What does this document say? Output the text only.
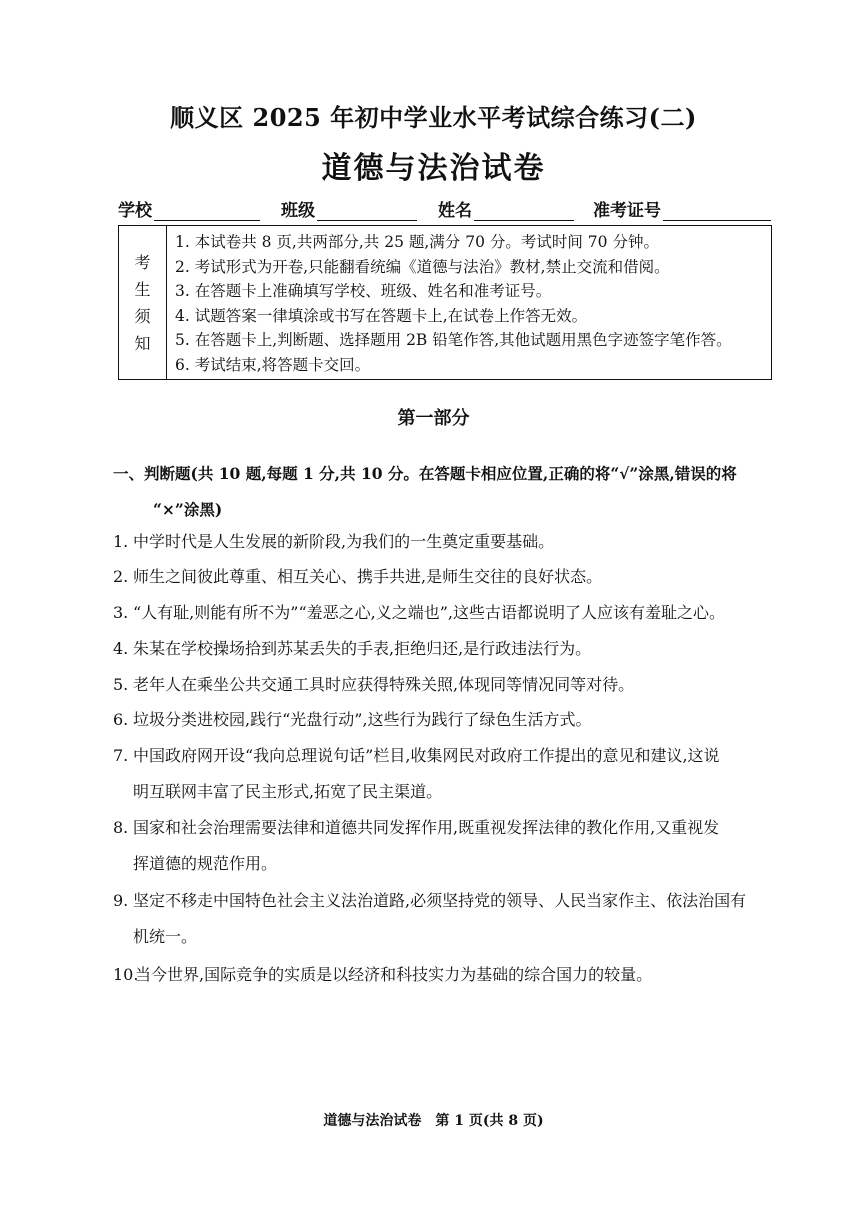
顺义区 2025 年初中学业水平考试综合练习(二)
道德与法治试卷
学校	班级	姓名	准考证号
考
生
须
知
1. 本试卷共 8 页,共两部分,共 25 题,满分 70 分。考试时间 70 分钟。
2. 考试形式为开卷,只能翻看统编《道德与法治》教材,禁止交流和借阅。
3. 在答题卡上准确填写学校、班级、姓名和准考证号。
4. 试题答案一律填涂或书写在答题卡上,在试卷上作答无效。
5. 在答题卡上,判断题、选择题用 2B 铅笔作答,其他试题用黑色字迹签字笔作答。
6. 考试结束,将答题卡交回。
第一部分
一、判断题(共 10 题,每题 1 分,共 10 分。在答题卡相应位置,正确的将“√”涂黑,错误的将
“×”涂黑)
1. 中学时代是人生发展的新阶段,为我们的一生奠定重要基础。
2. 师生之间彼此尊重、相互关心、携手共进,是师生交往的良好状态。
3. “人有耻,则能有所不为”“羞恶之心,义之端也”,这些古语都说明了人应该有羞耻之心。
4. 朱某在学校操场拾到苏某丢失的手表,拒绝归还,是行政违法行为。
5. 老年人在乘坐公共交通工具时应获得特殊关照,体现同等情况同等对待。
6. 垃圾分类进校园,践行“光盘行动”,这些行为践行了绿色生活方式。
7. 中国政府网开设“我向总理说句话”栏目,收集网民对政府工作提出的意见和建议,这说
明互联网丰富了民主形式,拓宽了民主渠道。
8. 国家和社会治理需要法律和道德共同发挥作用,既重视发挥法律的教化作用,又重视发
挥道德的规范作用。
9. 坚定不移走中国特色社会主义法治道路,必须坚持党的领导、人民当家作主、依法治国有
机统一。
10.当今世界,国际竞争的实质是以经济和科技实力为基础的综合国力的较量。
道德与法治试卷　第 1 页(共 8 页)
